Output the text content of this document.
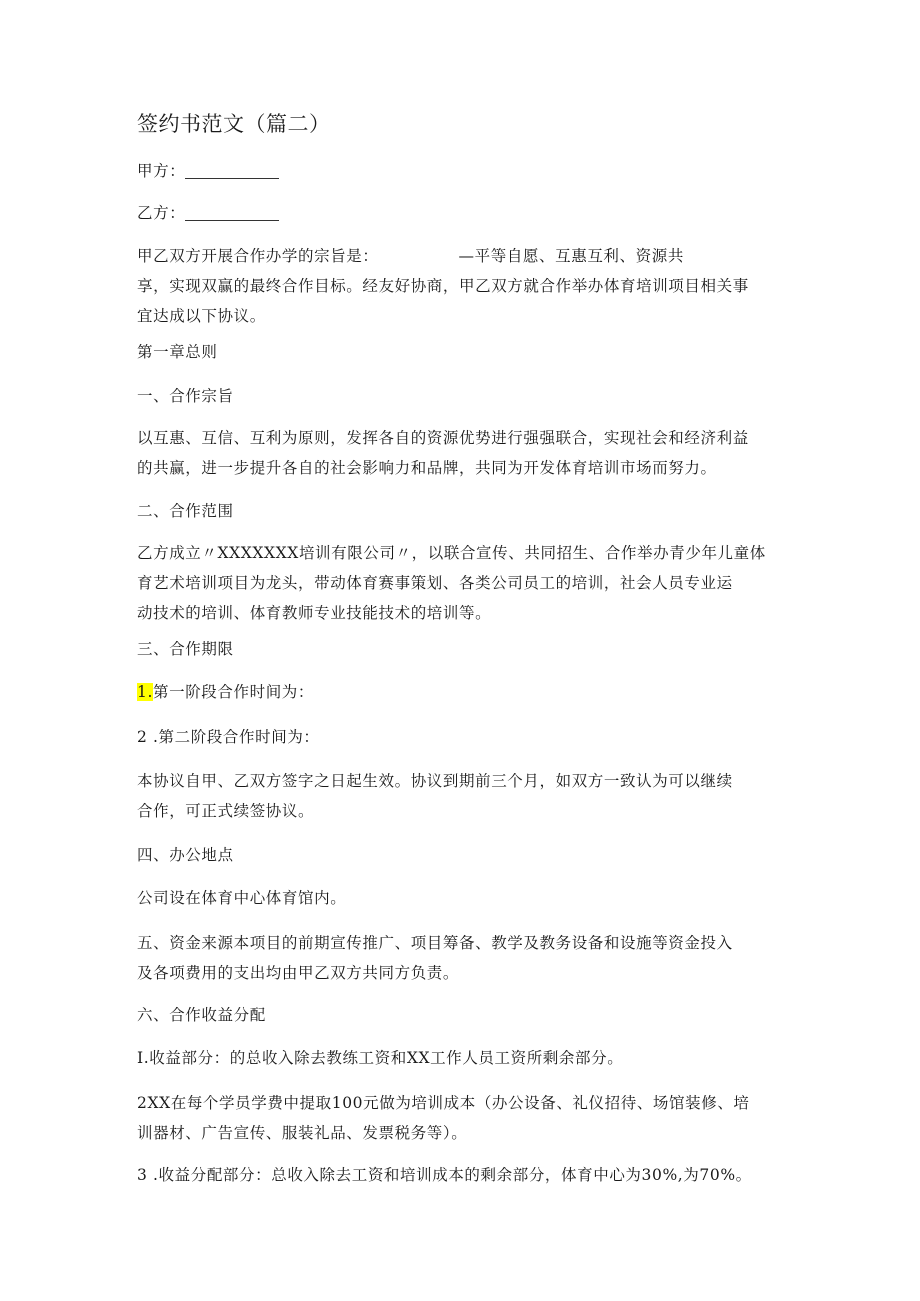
签约书范文（篇二）
甲方：
乙方：
甲乙双方开展合作办学的宗旨是：	—平等自愿、互惠互利、资源共
享，实现双赢的最终合作目标。经友好协商，甲乙双方就合作举办体育培训项目相关事
宜达成以下协议。
第一章总则
一、合作宗旨
以互惠、互信、互利为原则，发挥各自的资源优势进行强强联合，实现社会和经济利益
的共赢，进一步提升各自的社会影响力和品牌，共同为开发体育培训市场而努力。
二、合作范围
乙方成立〃XXXXXXX培训有限公司〃，以联合宣传、共同招生、合作举办青少年儿童体
育艺术培训项目为龙头，带动体育赛事策划、各类公司员工的培训，社会人员专业运
动技术的培训、体育教师专业技能技术的培训等。
三、合作期限
1.第一阶段合作时间为：
2 .第二阶段合作时间为：
本协议自甲、乙双方签字之日起生效。协议到期前三个月，如双方一致认为可以继续
合作，可正式续签协议。
四、办公地点
公司设在体育中心体育馆内。
五、资金来源本项目的前期宣传推广、项目筹备、教学及教务设备和设施等资金投入
及各项费用的支出均由甲乙双方共同方负责。
六、合作收益分配
I.收益部分：的总收入除去教练工资和XX工作人员工资所剩余部分。
2XX在每个学员学费中提取100元做为培训成本（办公设备、礼仪招待、场馆装修、培
训器材、广告宣传、服装礼品、发票税务等）。
3 .收益分配部分：总收入除去工资和培训成本的剩余部分，体育中心为30%,为70%。
